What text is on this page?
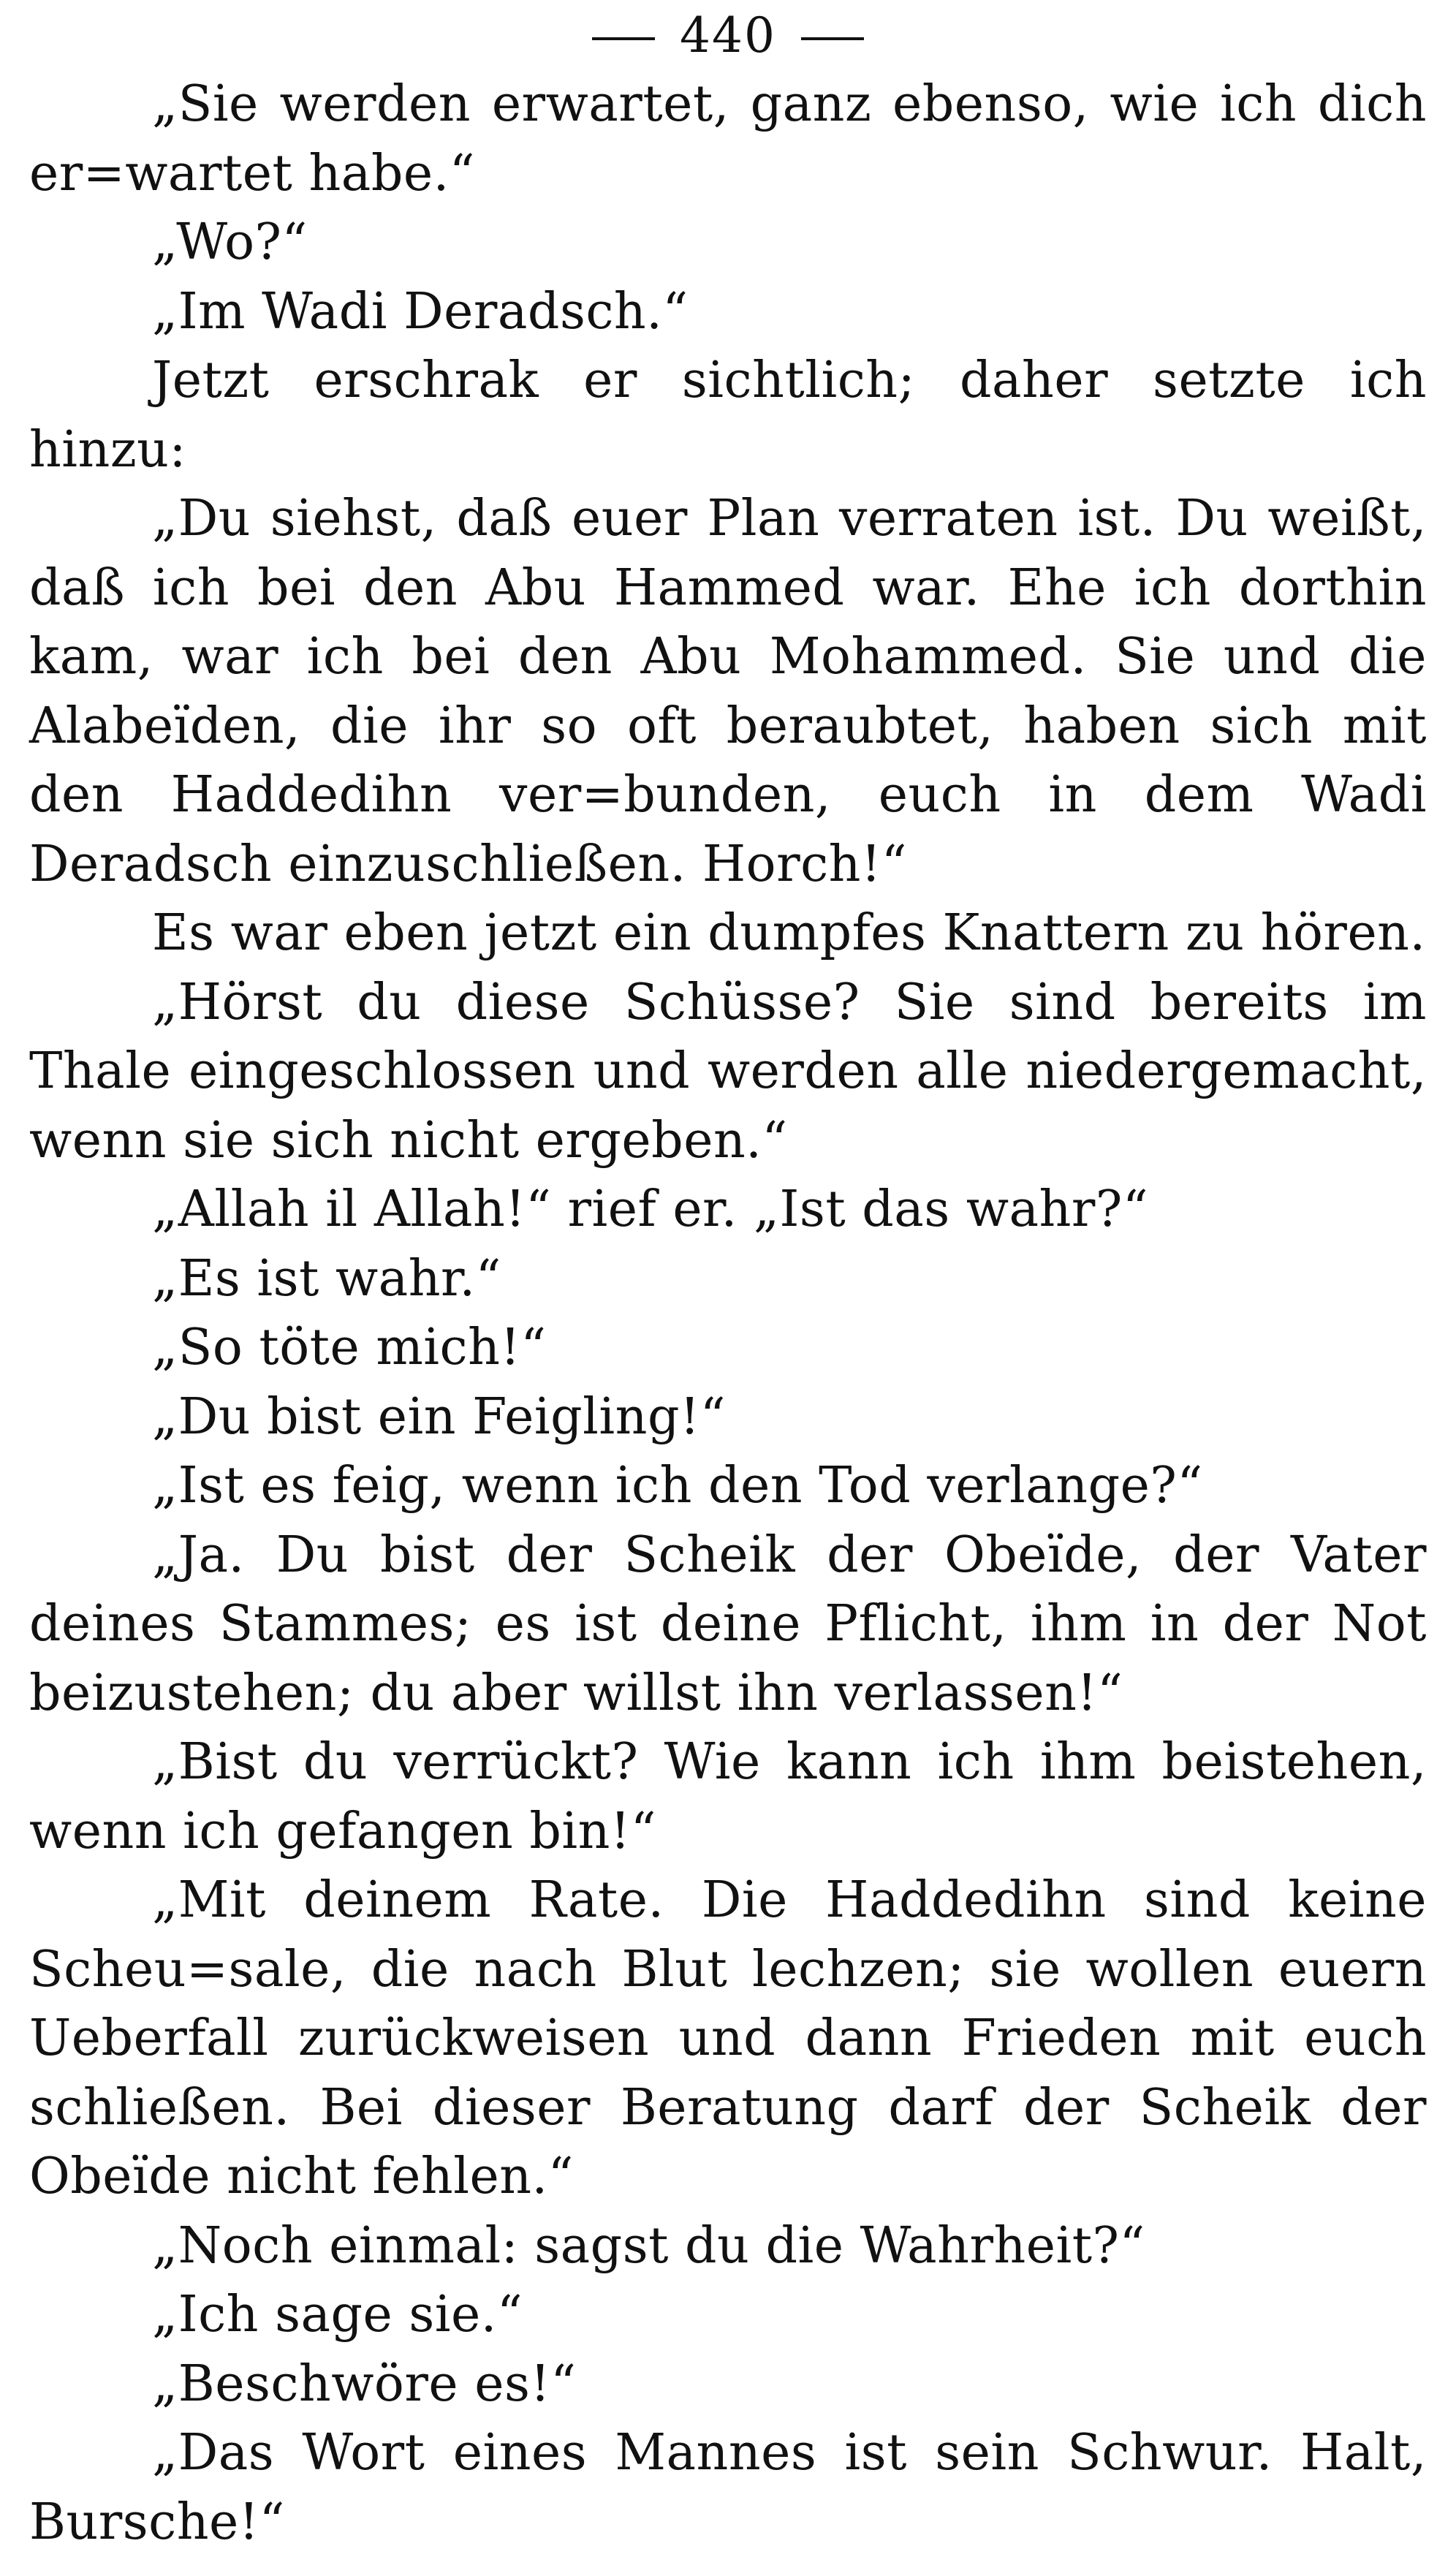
440

„Sie werden erwartet, ganz ebenso, wie ich dich er=wartet habe.“

„Wo?“

„Im Wadi Deradsch.“

Jetzt erschrak er sichtlich; daher setzte ich hinzu:

„Du siehst, daß euer Plan verraten ist. Du weißt, daß ich bei den Abu Hammed war. Ehe ich dorthin kam, war ich bei den Abu Mohammed. Sie und die Alabeïden, die ihr so oft beraubtet, haben sich mit den Haddedihn ver=bunden, euch in dem Wadi Deradsch einzuschließen. Horch!“

Es war eben jetzt ein dumpfes Knattern zu hören.

„Hörst du diese Schüsse? Sie sind bereits im Thale eingeschlossen und werden alle niedergemacht, wenn sie sich nicht ergeben.“

„Allah il Allah!“ rief er. „Ist das wahr?“

„Es ist wahr.“

„So töte mich!“

„Du bist ein Feigling!“

„Ist es feig, wenn ich den Tod verlange?“

„Ja. Du bist der Scheik der Obeïde, der Vater deines Stammes; es ist deine Pflicht, ihm in der Not beizustehen; du aber willst ihn verlassen!“

„Bist du verrückt? Wie kann ich ihm beistehen, wenn ich gefangen bin!“

„Mit deinem Rate. Die Haddedihn sind keine Scheu=sale, die nach Blut lechzen; sie wollen euern Ueberfall zurückweisen und dann Frieden mit euch schließen. Bei dieser Beratung darf der Scheik der Obeïde nicht fehlen.“

„Noch einmal: sagst du die Wahrheit?“

„Ich sage sie.“

„Beschwöre es!“

„Das Wort eines Mannes ist sein Schwur. Halt, Bursche!“
